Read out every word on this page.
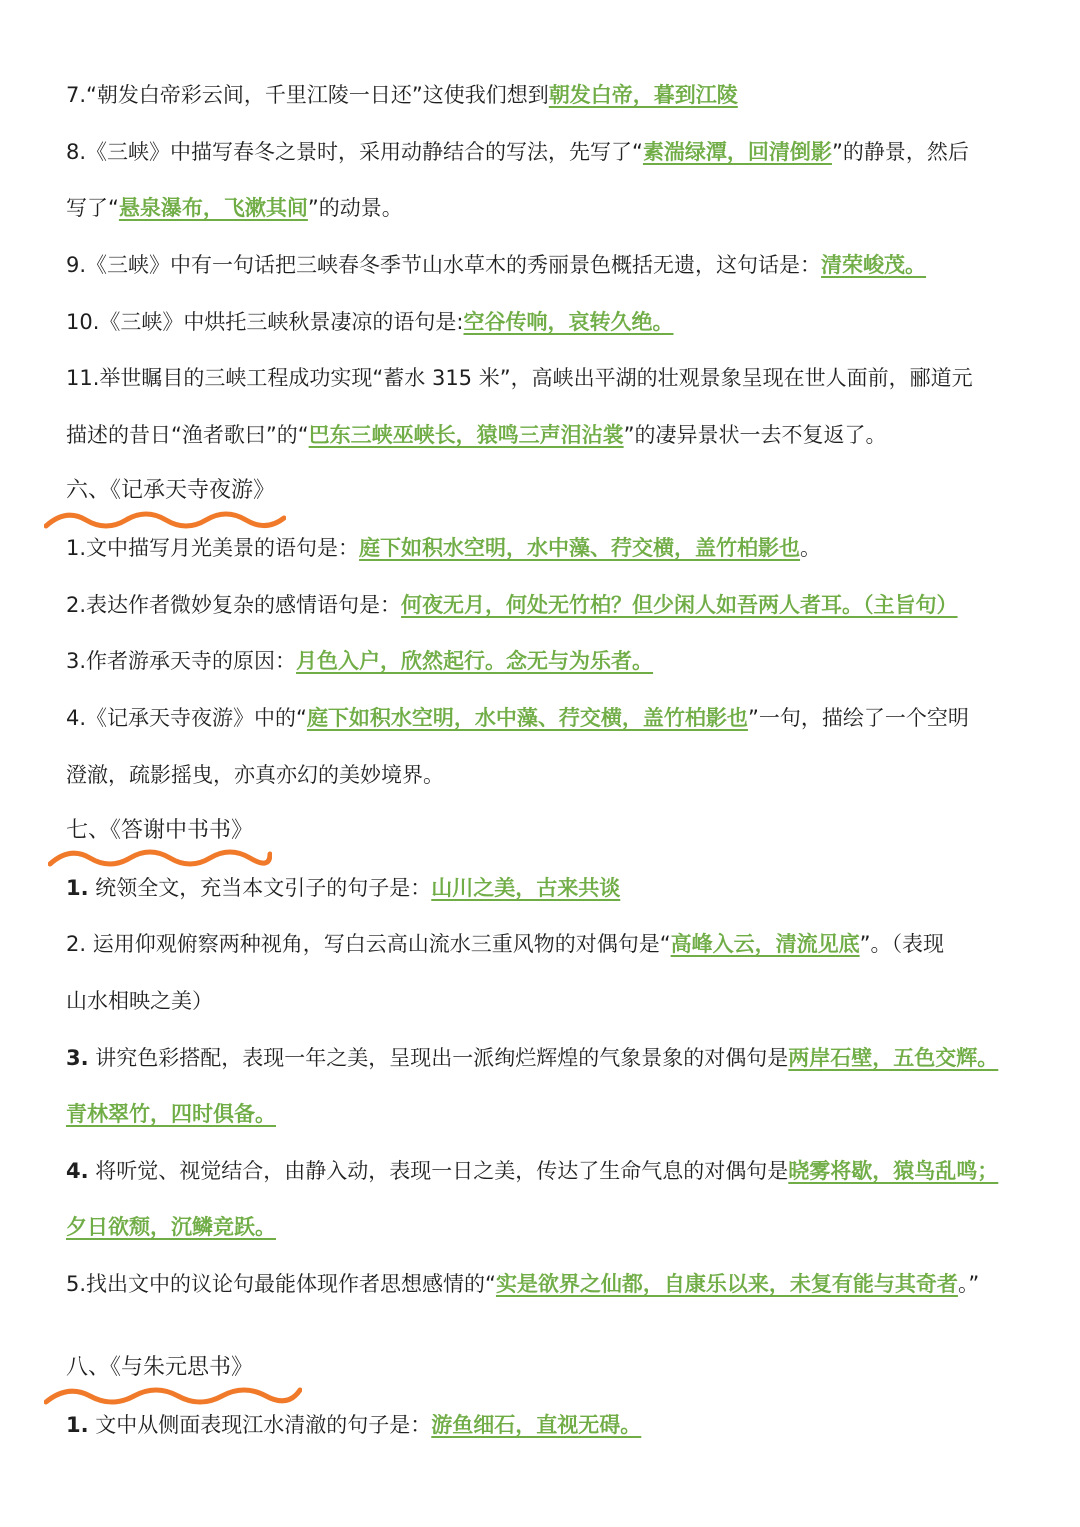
7.“朝发白帝彩云间，千里江陵一日还”这使我们想到朝发白帝，暮到江陵
8.《三峡》中描写春冬之景时，采用动静结合的写法，先写了“素湍绿潭，回清倒影”的静景，然后
写了“悬泉瀑布，飞漱其间”的动景。
9.《三峡》中有一句话把三峡春冬季节山水草木的秀丽景色概括无遗，这句话是：清荣峻茂。
10.《三峡》中烘托三峡秋景凄凉的语句是:空谷传响，哀转久绝。
11.举世瞩目的三峡工程成功实现“蓄水 315 米”，高峡出平湖的壮观景象呈现在世人面前，郦道元
描述的昔日“渔者歌曰”的“巴东三峡巫峡长，猿鸣三声泪沾裳”的凄异景状一去不复返了。
六、《记承天寺夜游》
1.文中描写月光美景的语句是：庭下如积水空明，水中藻、荇交横，盖竹柏影也。
2.表达作者微妙复杂的感情语句是：何夜无月，何处无竹柏？但少闲人如吾两人者耳。（主旨句）
3.作者游承天寺的原因：月色入户，欣然起行。念无与为乐者。
4.《记承天寺夜游》中的“庭下如积水空明，水中藻、荇交横，盖竹柏影也”一句，描绘了一个空明
澄澈，疏影摇曳，亦真亦幻的美妙境界。
七、《答谢中书书》
1. 统领全文，充当本文引子的句子是：山川之美，古来共谈
2. 运用仰观俯察两种视角，写白云高山流水三重风物的对偶句是“高峰入云，清流见底”。（表现
山水相映之美）
3. 讲究色彩搭配，表现一年之美，呈现出一派绚烂辉煌的气象景象的对偶句是两岸石壁，五色交辉。
青林翠竹，四时俱备。
4. 将听觉、视觉结合，由静入动，表现一日之美，传达了生命气息的对偶句是晓雾将歇，猿鸟乱鸣；
夕日欲颓，沉鳞竞跃。
5.找出文中的议论句最能体现作者思想感情的“实是欲界之仙都，自康乐以来，未复有能与其奇者。”
八、《与朱元思书》
1. 文中从侧面表现江水清澈的句子是：游鱼细石，直视无碍。
